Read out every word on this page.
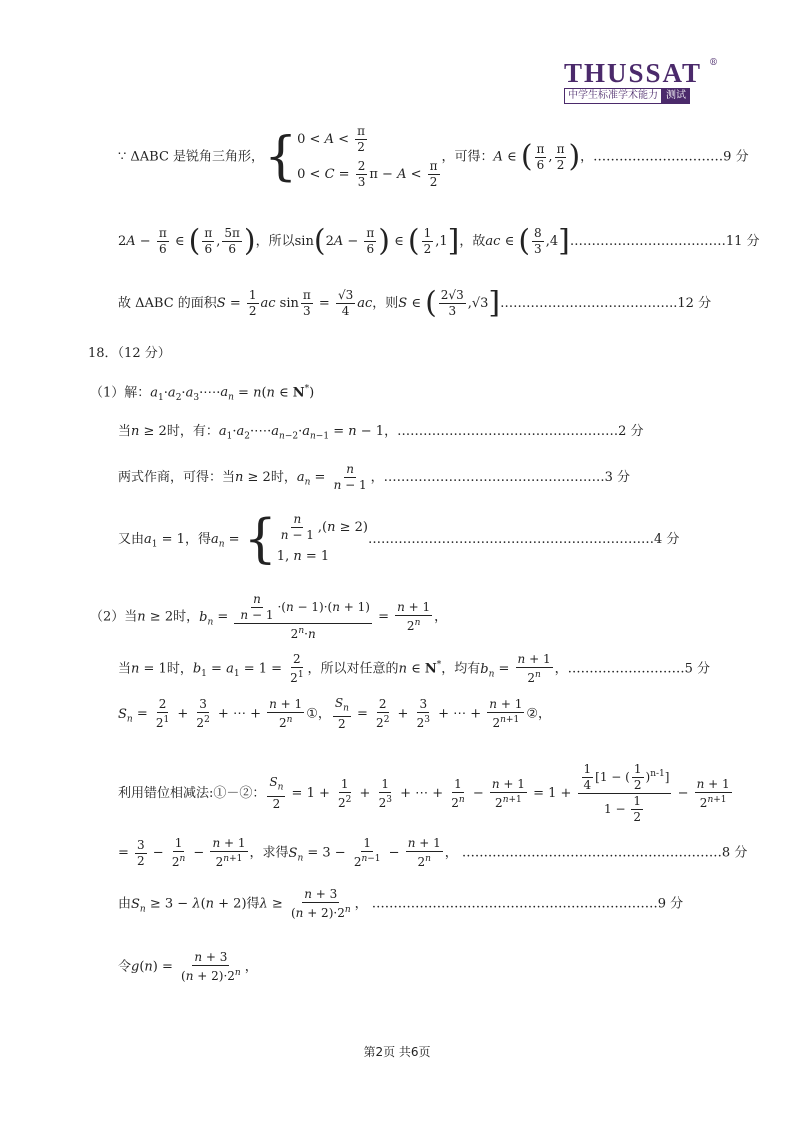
THUSSAT ®
中学生标准学术能力 测试
∵ ΔABC 是锐角三角形，{ $0 < A < \frac{\pi}{2}$
$0 < C = \frac{2}{3}$ $\pi - A < \frac{\pi}{2}$
，可得：A ∈ ( $\frac{\pi}{6}$ , $\frac{\pi}{2}$ )，…………………………9 分
$2A - \frac{\pi}{6}$ ∈ ( $\frac{\pi}{6}$ , $\frac{5\pi}{6}$ )，所以$\sin(2A - \frac{\pi}{6}$ ) ∈ ( $\frac{1}{2} ,1$]，故ac ∈ ( $\frac{8}{3}$ ,4]………………………………11 分
故 ΔABC 的面积$S = \frac{1}{2}$ ac $\sin \frac{\pi}{3} = \frac{√3}{4}$ ac，则S ∈ ( $\frac{2√3}{3}$ ,√3]…………………………………..12 分
18．（12 分）
（1）解：$a_1\cdot a_2\cdot a_3\cdot\cdots\cdot a_n = n(n$ ∈ N*)
当n ≥ 2时，有：$a_1\cdot a_2\cdot\cdots\cdot a_{n-2}\cdot a_{n-1} = n - 1$，……………………………………………2 分
两式作商，可得：当n ≥ 2时，$a_n = \frac{n}{n - 1}$ ，……………………………………………3 分
又由$a_1 = 1$，得$a_n$ = { $\frac{n}{n - 1} ,(n \ge 2)$
1, n = 1
…………………………………………………………4 分
（2）当n ≥ 2时，$b_n = \frac{\frac{n}{n - 1} \cdot(n - 1)\cdot(n + 1)}{2^n\cdot n} = \frac{n + 1}{2^n}$ ，
当n = 1时，$b_1 = a_1 = 1 = \frac{2}{2^1}$ ，所以对任意的n ∈ N*，均有$b_n = \frac{n + 1}{2^n}$ ，………………………5 分
$S_n = \frac{2}{2^1} + \frac{3}{2^2}$ + ⋯ + $\frac{n + 1}{2^n}$ ①， $\frac{S_n}{2} = \frac{2}{2^2} + \frac{3}{2^3}$ + ⋯ + $\frac{n + 1}{2^{n+1}}$ ②，
利用错位相减法:①－②： $\frac{S_n}{2} = 1 + \frac{1}{2^2} + \frac{1}{2^3}$ + ⋯ + $\frac{1}{2^n} - \frac{n + 1}{2^{n+1}} = 1 + \frac{\frac{1}{4} [1 - ( \frac{1}{2} )^{n-1}]}{1 - \frac{1}{2}} - \frac{n + 1}{2^{n+1}}$
= $\frac{3}{2} - \frac{1}{2^n} - \frac{n + 1}{2^{n+1}}$ ，求得$S_n = 3 - \frac{1}{2^{n-1}} - \frac{n + 1}{2^n}$ ， ……………………………………………………8 分
由$S_n \ge 3 - \lambda(n + 2)$得$\lambda \ge \frac{n + 3}{(n + 2)\cdot 2^n}$ ， …………………………………………………………9 分
令$g(n) = \frac{n + 3}{(n + 2)\cdot 2^n}$ ，
第2页 共6页
